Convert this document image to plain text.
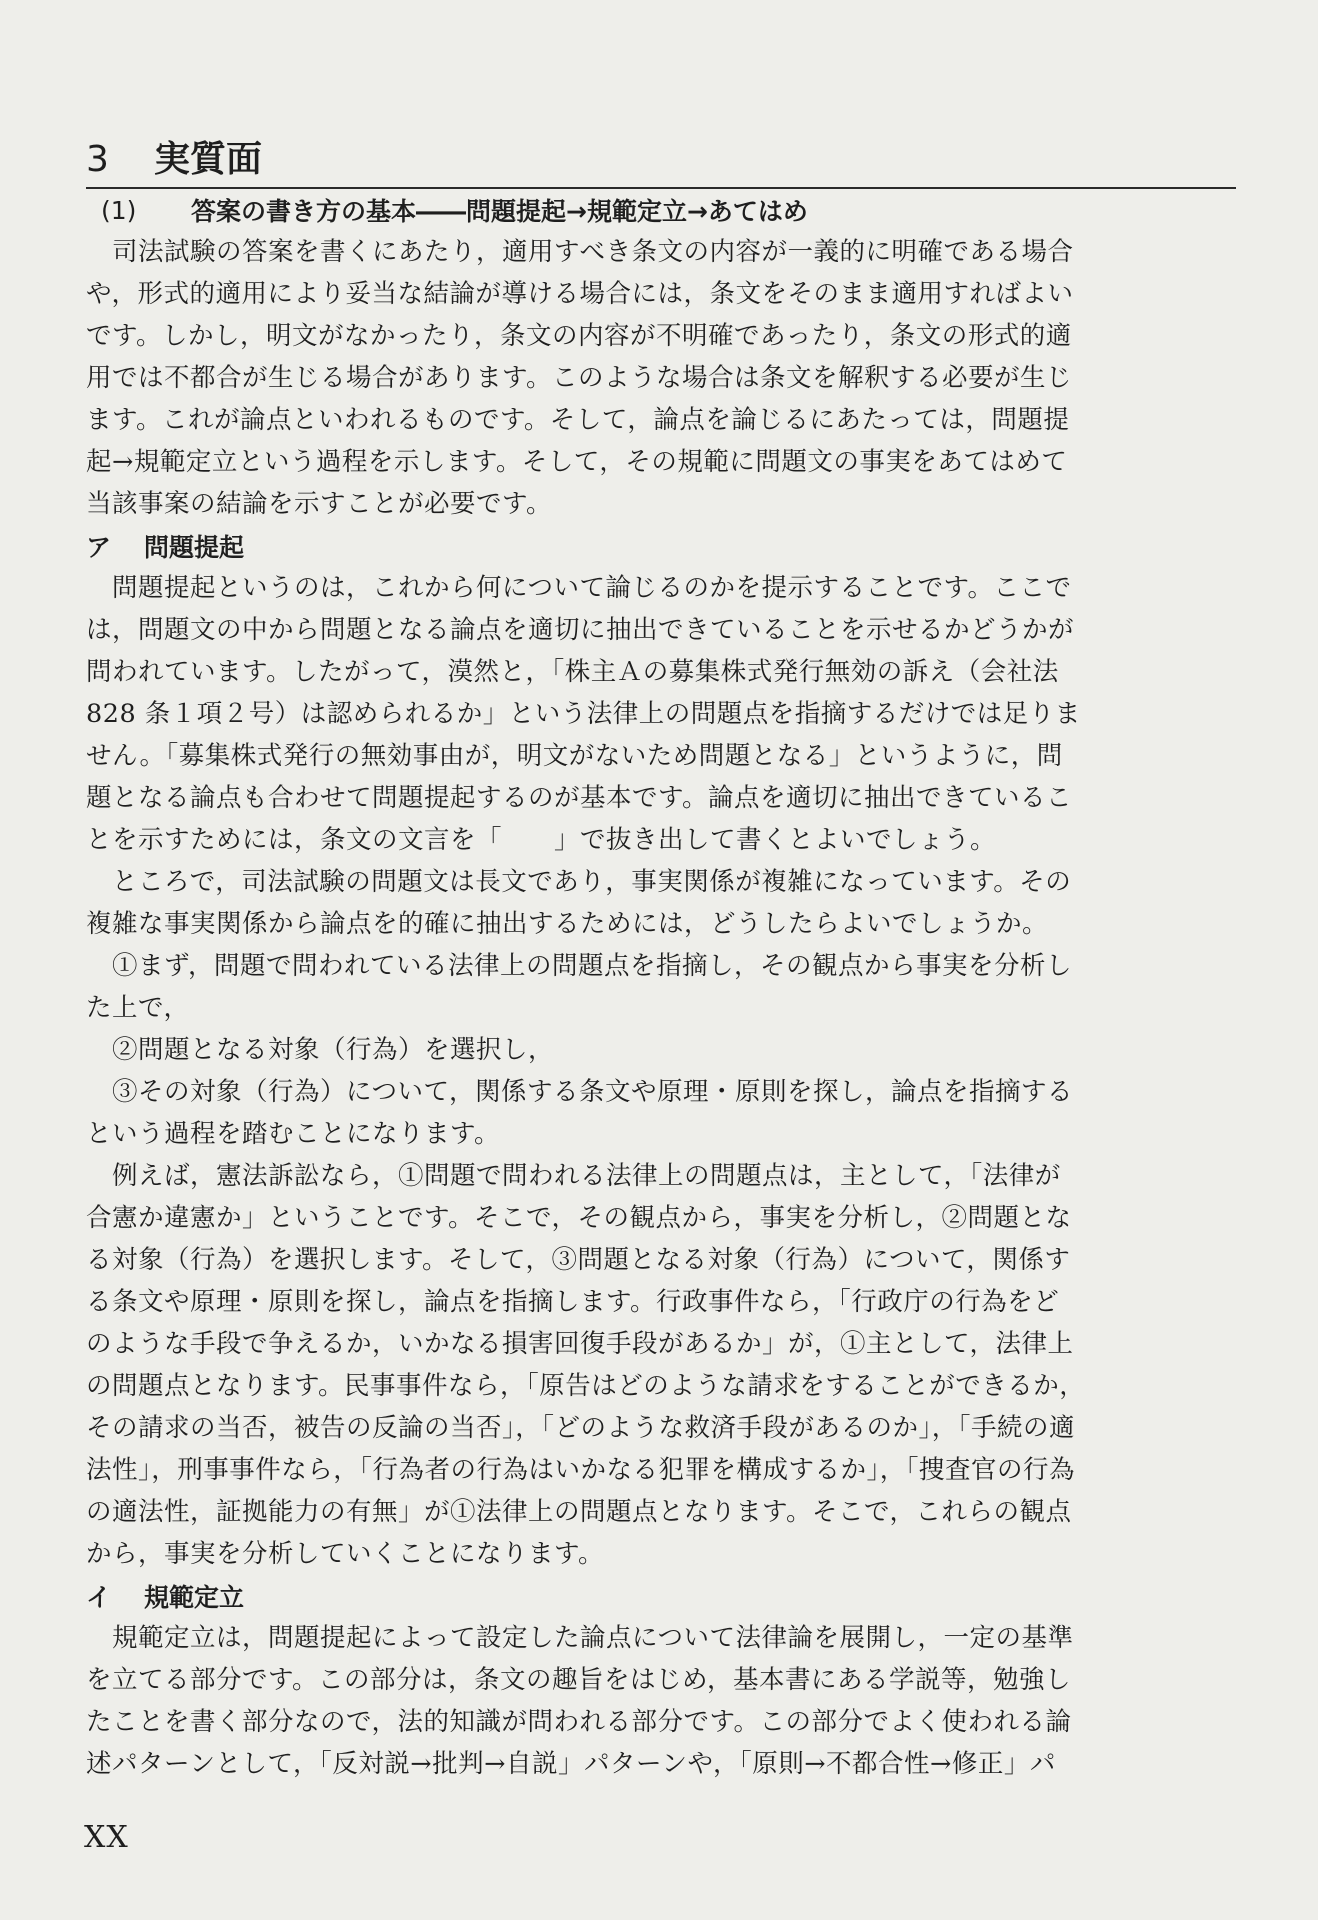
3	実質面
(1)	答案の書き方の基本――問題提起→規範定立→あてはめ
司法試験の答案を書くにあたり，適用すべき条文の内容が一義的に明確である場合
や，形式的適用により妥当な結論が導ける場合には，条文をそのまま適用すればよい
です。しかし，明文がなかったり，条文の内容が不明確であったり，条文の形式的適
用では不都合が生じる場合があります。このような場合は条文を解釈する必要が生じ
ます。これが論点といわれるものです。そして，論点を論じるにあたっては，問題提
起→規範定立という過程を示します。そして，その規範に問題文の事実をあてはめて
当該事案の結論を示すことが必要です。
ア	問題提起
問題提起というのは，これから何について論じるのかを提示することです。ここで
は，問題文の中から問題となる論点を適切に抽出できていることを示せるかどうかが
問われています。したがって，漠然と，「株主Ａの募集株式発行無効の訴え（会社法
828 条１項２号）は認められるか」という法律上の問題点を指摘するだけでは足りま
せん。「募集株式発行の無効事由が，明文がないため問題となる」というように，問
題となる論点も合わせて問題提起するのが基本です。論点を適切に抽出できているこ
とを示すためには，条文の文言を「　　」で抜き出して書くとよいでしょう。
ところで，司法試験の問題文は長文であり，事実関係が複雑になっています。その
複雑な事実関係から論点を的確に抽出するためには，どうしたらよいでしょうか。
①まず，問題で問われている法律上の問題点を指摘し，その観点から事実を分析し
た上で，
②問題となる対象（行為）を選択し，
③その対象（行為）について，関係する条文や原理・原則を探し，論点を指摘する
という過程を踏むことになります。
例えば，憲法訴訟なら，①問題で問われる法律上の問題点は，主として，「法律が
合憲か違憲か」ということです。そこで，その観点から，事実を分析し，②問題とな
る対象（行為）を選択します。そして，③問題となる対象（行為）について，関係す
る条文や原理・原則を探し，論点を指摘します。行政事件なら，「行政庁の行為をど
のような手段で争えるか，いかなる損害回復手段があるか」が，①主として，法律上
の問題点となります。民事事件なら，「原告はどのような請求をすることができるか，
その請求の当否，被告の反論の当否」，「どのような救済手段があるのか」，「手続の適
法性」，刑事事件なら，「行為者の行為はいかなる犯罪を構成するか」，「捜査官の行為
の適法性，証拠能力の有無」が①法律上の問題点となります。そこで，これらの観点
から，事実を分析していくことになります。
イ	規範定立
規範定立は，問題提起によって設定した論点について法律論を展開し，一定の基準
を立てる部分です。この部分は，条文の趣旨をはじめ，基本書にある学説等，勉強し
たことを書く部分なので，法的知識が問われる部分です。この部分でよく使われる論
述パターンとして，「反対説→批判→自説」パターンや，「原則→不都合性→修正」パ
XX
